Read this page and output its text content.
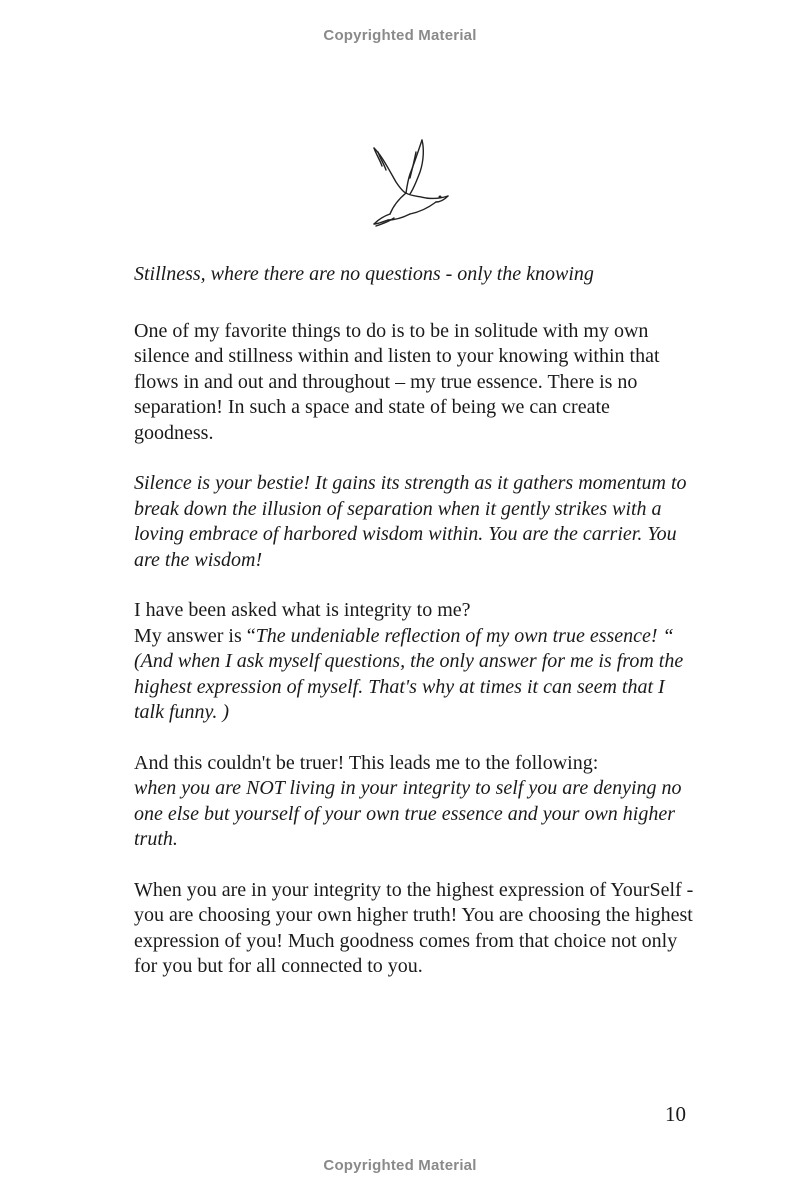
Copyrighted Material

Stillness, where there are no questions - only the knowing

One of my favorite things to do is to be in solitude with my own silence and stillness within and listen to your knowing within that flows in and out and throughout – my true essence. There is no separation! In such a space and state of being we can create goodness.

Silence is your bestie! It gains its strength as it gathers momentum to break down the illusion of separation when it gently strikes with a loving embrace of harbored wisdom within. You are the carrier. You are the wisdom!

I have been asked what is integrity to me?
My answer is “The undeniable reflection of my own true essence! “ (And when I ask myself questions, the only answer for me is from the highest expression of myself. That's why at times it can seem that I talk funny. )

And this couldn't be truer! This leads me to the following:
when you are NOT living in your integrity to self you are denying no one else but yourself of your own true essence and your own higher truth.

When you are in your integrity to the highest expression of YourSelf - you are choosing your own higher truth! You are choosing the highest expression of you! Much goodness comes from that choice not only for you but for all connected to you.

10
Copyrighted Material
